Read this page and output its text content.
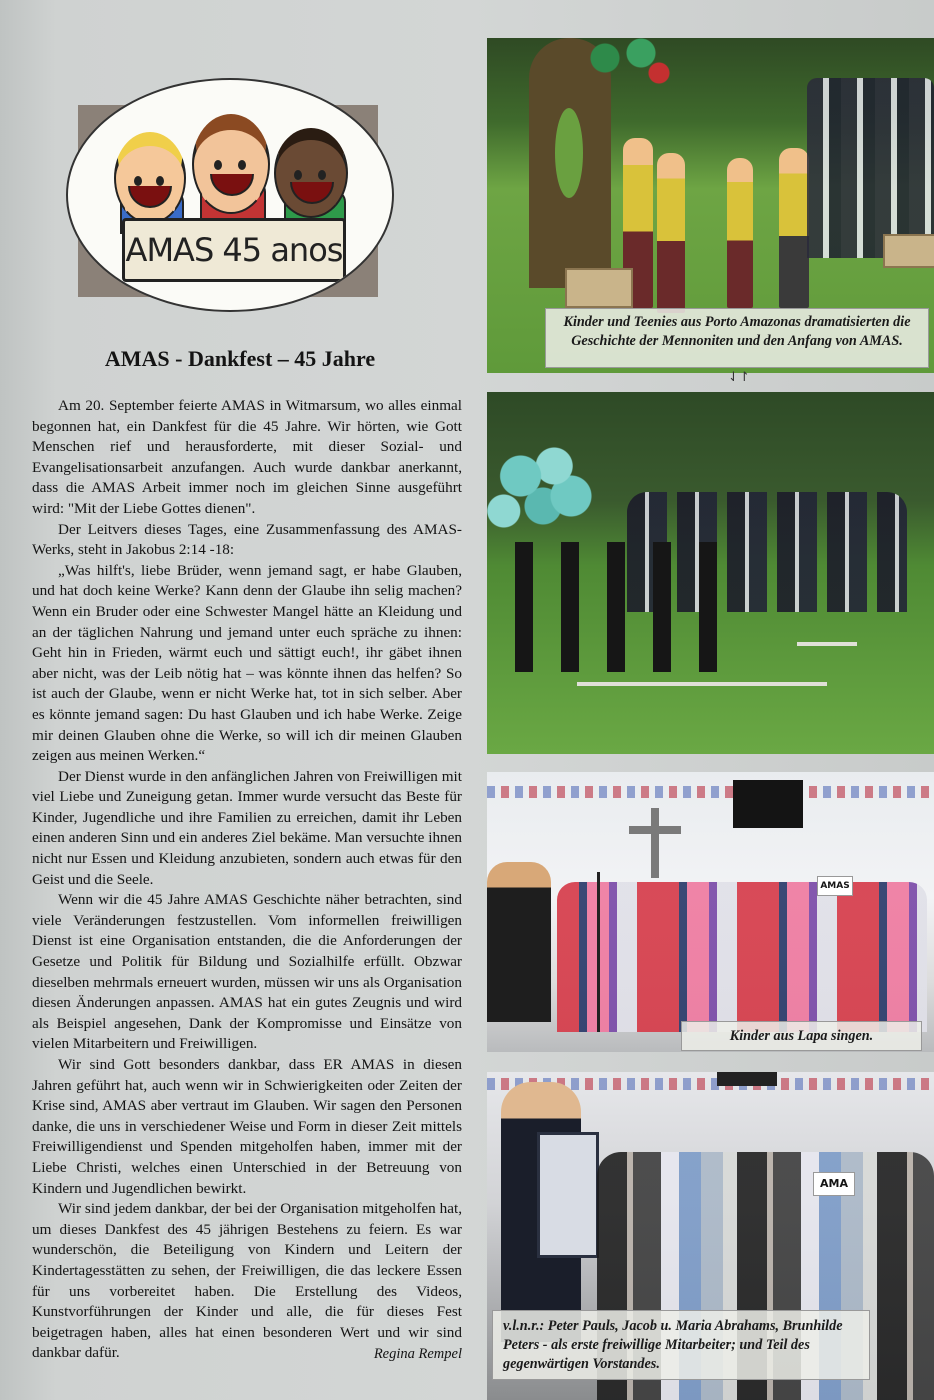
AMAS 45 anos
AMAS - Dankfest – 45 Jahre

Am 20. September feierte AMAS in Witmarsum, wo alles einmal begonnen hat, ein Dankfest für die 45 Jahre. Wir hörten, wie Gott Menschen rief und herausforderte, mit dieser Sozial- und Evangelisationsarbeit anzufangen. Auch wurde dankbar anerkannt, dass die AMAS Arbeit immer noch im gleichen Sinne ausgeführt wird: "Mit der Liebe Gottes dienen".

Der Leitvers dieses Tages, eine Zusammenfassung des AMAS-Werks, steht in Jakobus 2:14 -18:

„Was hilft's, liebe Brüder, wenn jemand sagt, er habe Glauben, und hat doch keine Werke? Kann denn der Glaube ihn selig machen? Wenn ein Bruder oder eine Schwester Mangel hätte an Kleidung und an der täglichen Nahrung und jemand unter euch spräche zu ihnen: Geht hin in Frieden, wärmt euch und sättigt euch!, ihr gäbet ihnen aber nicht, was der Leib nötig hat – was könnte ihnen das helfen? So ist auch der Glaube, wenn er nicht Werke hat, tot in sich selber. Aber es könnte jemand sagen: Du hast Glauben und ich habe Werke. Zeige mir deinen Glauben ohne die Werke, so will ich dir meinen Glauben zeigen aus meinen Werken.“

Der Dienst wurde in den anfänglichen Jahren von Freiwilligen mit viel Liebe und Zuneigung getan. Immer wurde versucht das Beste für Kinder, Jugendliche und ihre Familien zu erreichen, damit ihr Leben einen anderen Sinn und ein anderes Ziel bekäme. Man versuchte ihnen nicht nur Essen und Kleidung anzubieten, sondern auch etwas für den Geist und die Seele.

Wenn wir die 45 Jahre AMAS Geschichte näher betrachten, sind viele Veränderungen festzustellen. Vom informellen freiwilligen Dienst ist eine Organisation entstanden, die die Anforderungen der Gesetze und Politik für Bildung und Sozialhilfe erfüllt. Obzwar dieselben mehrmals erneuert wurden, müssen wir uns als Organisation diesen Änderungen anpassen. AMAS hat ein gutes Zeugnis und wird als Beispiel angesehen, Dank der Kompromisse und Einsätze von vielen Mitarbeitern und Freiwilligen.

Wir sind Gott besonders dankbar, dass ER AMAS in diesen Jahren geführt hat, auch wenn wir in Schwierigkeiten oder Zeiten der Krise sind, AMAS aber vertraut im Glauben. Wir sagen den Personen danke, die uns in verschiedener Weise und Form in dieser Zeit mittels Freiwilligendienst und Spenden mitgeholfen haben, immer mit der Liebe Christi, welches einen Unterschied in der Betreuung von Kindern und Jugendlichen bewirkt.

Wir sind jedem dankbar, der bei der Organisation mitgeholfen hat, um dieses Dankfest des 45 jährigen Bestehens zu feiern. Es war wunderschön, die Beteiligung von Kindern und Leitern der Kindertagesstätten zu sehen, der Freiwilligen, die das leckere Essen für uns vorbereitet haben. Die Erstellung des Videos, Kunstvorführungen der Kinder und alle, die für dieses Fest beigetragen haben, alles hat einen besonderen Wert und wir sind dankbar dafür.	Regina Rempel
Kinder und Teenies aus Porto Amazonas dramatisierten die Geschichte der Mennoniten und den Anfang von AMAS.
⇃↾
AMAS
Kinder aus Lapa singen.
AMA
v.l.n.r.: Peter Pauls, Jacob u. Maria Abrahams, Brunhilde Peters - als erste freiwillige Mitarbeiter; und Teil des gegenwärtigen Vorstandes.
